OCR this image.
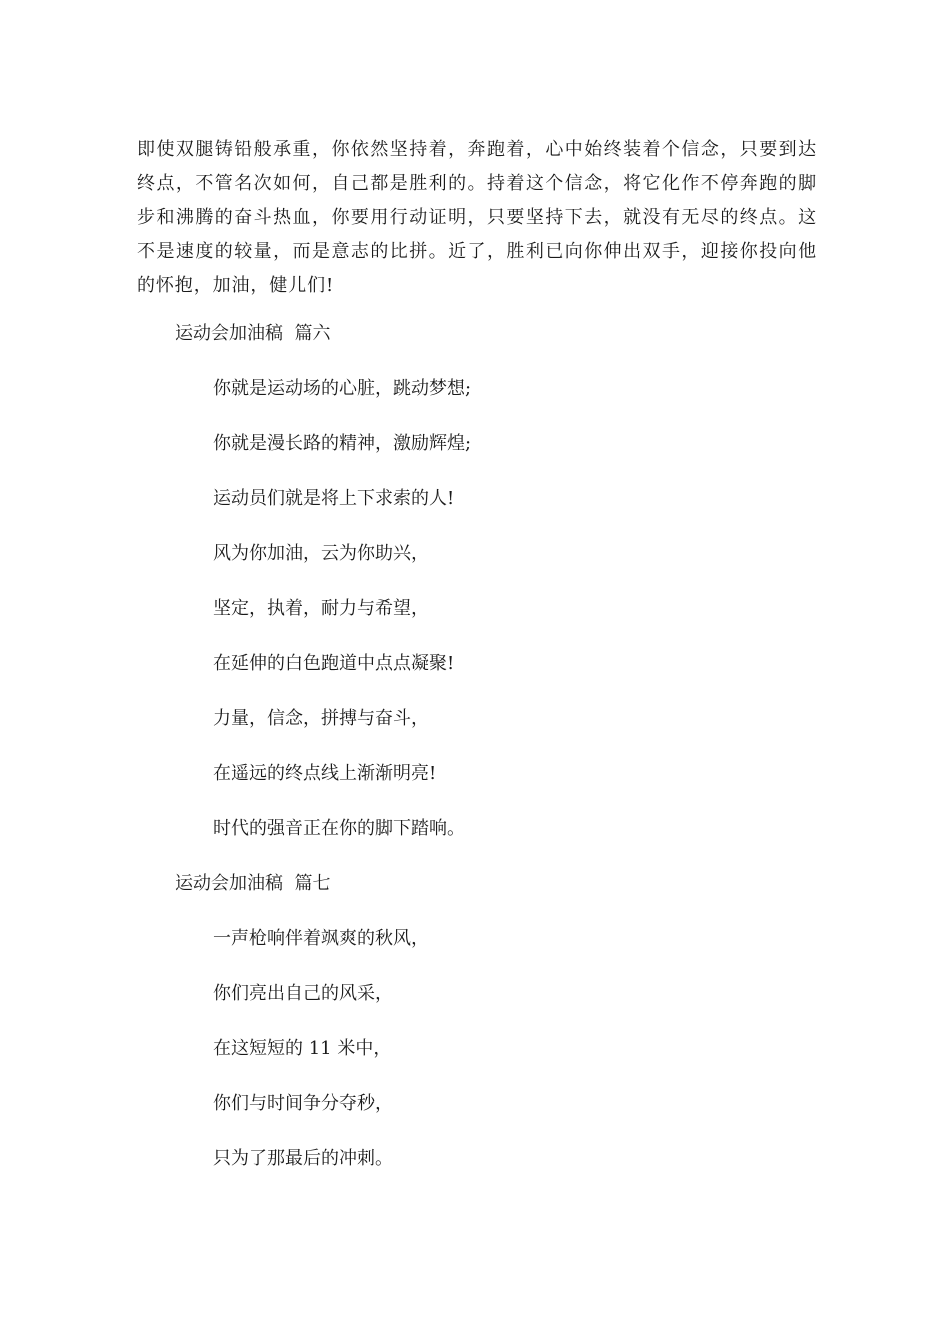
即使双腿铸铅般承重，你依然坚持着，奔跑着，心中始终装着个信念，只要到达终点，不管名次如何，自己都是胜利的。持着这个信念，将它化作不停奔跑的脚步和沸腾的奋斗热血，你要用行动证明，只要坚持下去，就没有无尽的终点。这不是速度的较量，而是意志的比拼。近了，胜利已向你伸出双手，迎接你投向他的怀抱，加油，健儿们!

运动会加油稿  篇六

你就是运动场的心脏，跳动梦想;

你就是漫长路的精神，激励辉煌;

运动员们就是将上下求索的人!

风为你加油，云为你助兴，

坚定，执着，耐力与希望，

在延伸的白色跑道中点点凝聚!

力量，信念，拼搏与奋斗，

在遥远的终点线上渐渐明亮!

时代的强音正在你的脚下踏响。

运动会加油稿  篇七

一声枪响伴着飒爽的秋风，

你们亮出自己的风采，

在这短短的 11 米中，

你们与时间争分夺秒，

只为了那最后的冲刺。
